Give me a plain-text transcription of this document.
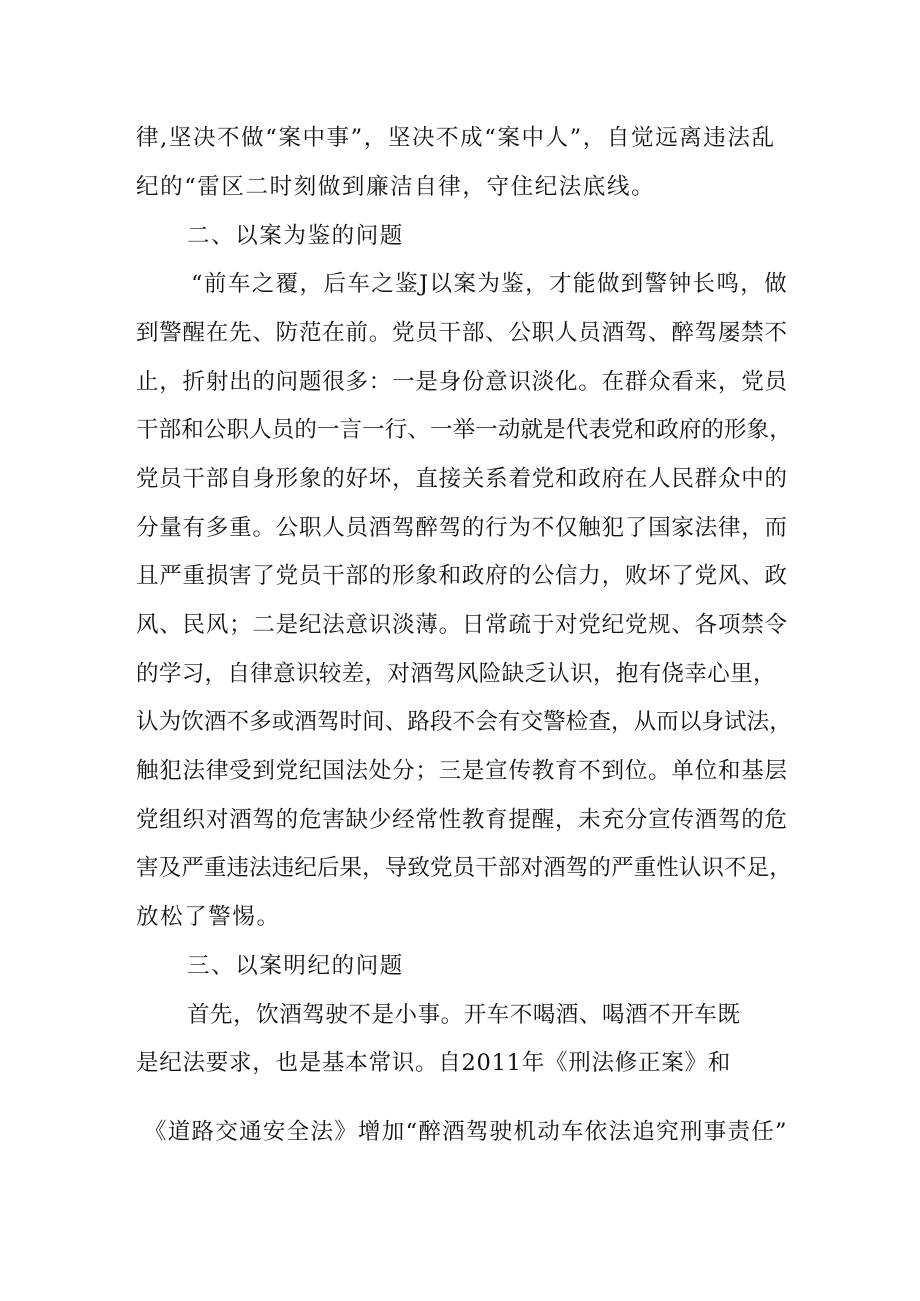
律,坚决不做“案中事”，坚决不成“案中人”，自觉远离违法乱
纪的“雷区二时刻做到廉洁自律，守住纪法底线。
二、以案为鉴的问题
“前车之覆，后车之鉴J以案为鉴，才能做到警钟长鸣，做
到警醒在先、防范在前。党员干部、公职人员酒驾、醉驾屡禁不
止，折射出的问题很多：一是身份意识淡化。在群众看来，党员
干部和公职人员的一言一行、一举一动就是代表党和政府的形象，
党员干部自身形象的好坏，直接关系着党和政府在人民群众中的
分量有多重。公职人员酒驾醉驾的行为不仅触犯了国家法律，而
且严重损害了党员干部的形象和政府的公信力，败坏了党风、政
风、民风；二是纪法意识淡薄。日常疏于对党纪党规、各项禁令
的学习，自律意识较差，对酒驾风险缺乏认识，抱有侥幸心里，
认为饮酒不多或酒驾时间、路段不会有交警检查，从而以身试法，
触犯法律受到党纪国法处分；三是宣传教育不到位。单位和基层
党组织对酒驾的危害缺少经常性教育提醒，未充分宣传酒驾的危
害及严重违法违纪后果，导致党员干部对酒驾的严重性认识不足，
放松了警惕。
三、以案明纪的问题
首先，饮酒驾驶不是小事。开车不喝酒、喝酒不开车既
是纪法要求，也是基本常识。自2011年《刑法修正案》和
《道路交通安全法》增加“醉酒驾驶机动车依法追究刑事责任”
